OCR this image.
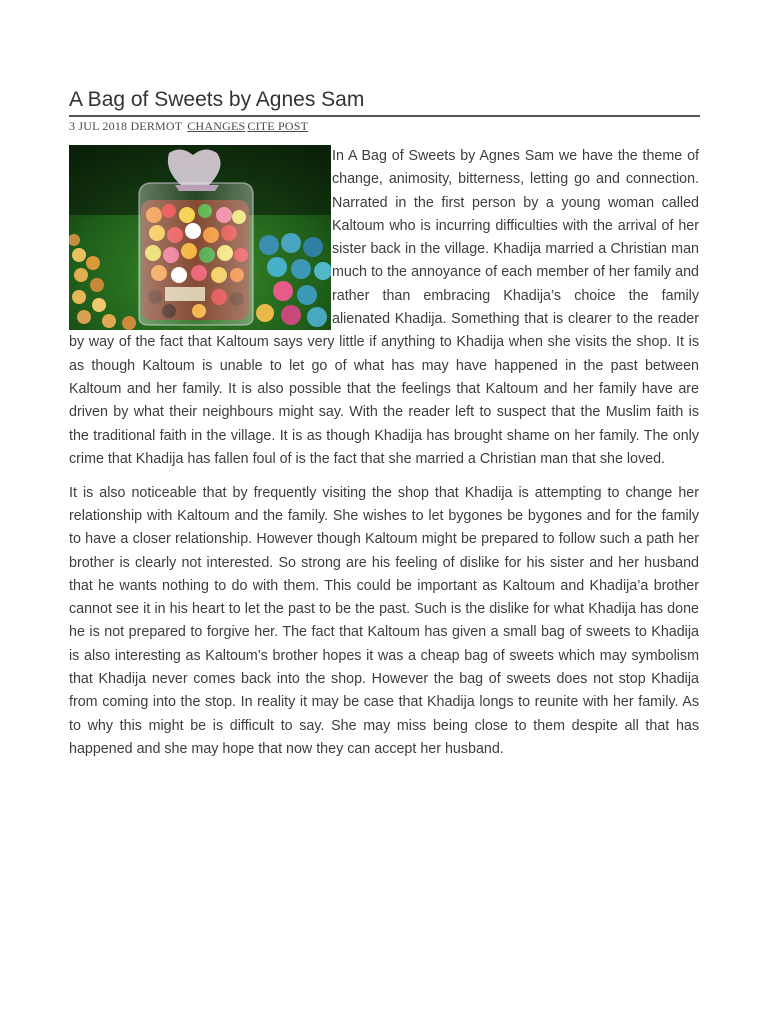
A Bag of Sweets by Agnes Sam
3 JUL 2018 DERMOT CHANGES CITE POST

In A Bag of Sweets by Agnes Sam we have the theme of change, animosity, bitterness, letting go and connection. Narrated in the first person by a young woman called Kaltoum who is incurring difficulties with the arrival of her sister back in the village. Khadija married a Christian man much to the annoyance of each member of her family and rather than embracing Khadija’s choice the family alienated Khadija. Something that is clearer to the reader by way of the fact that Kaltoum says very little if anything to Khadija when she visits the shop. It is as though Kaltoum is unable to let go of what has may have happened in the past between Kaltoum and her family. It is also possible that the feelings that Kaltoum and her family have are driven by what their neighbours might say. With the reader left to suspect that the Muslim faith is the traditional faith in the village. It is as though Khadija has brought shame on her family. The only crime that Khadija has fallen foul of is the fact that she married a Christian man that she loved.

It is also noticeable that by frequently visiting the shop that Khadija is attempting to change her relationship with Kaltoum and the family. She wishes to let bygones be bygones and for the family to have a closer relationship. However though Kaltoum might be prepared to follow such a path her brother is clearly not interested. So strong are his feeling of dislike for his sister and her husband that he wants nothing to do with them. This could be important as Kaltoum and Khadija’a brother cannot see it in his heart to let the past to be the past. Such is the dislike for what Khadija has done he is not prepared to forgive her. The fact that Kaltoum has given a small bag of sweets to Khadija is also interesting as Kaltoum’s brother hopes it was a cheap bag of sweets which may symbolism that Khadija never comes back into the shop. However the bag of sweets does not stop Khadija from coming into the stop. In reality it may be case that Khadija longs to reunite with her family. As to why this might be is difficult to say. She may miss being close to them despite all that has happened and she may hope that now they can accept her husband.
